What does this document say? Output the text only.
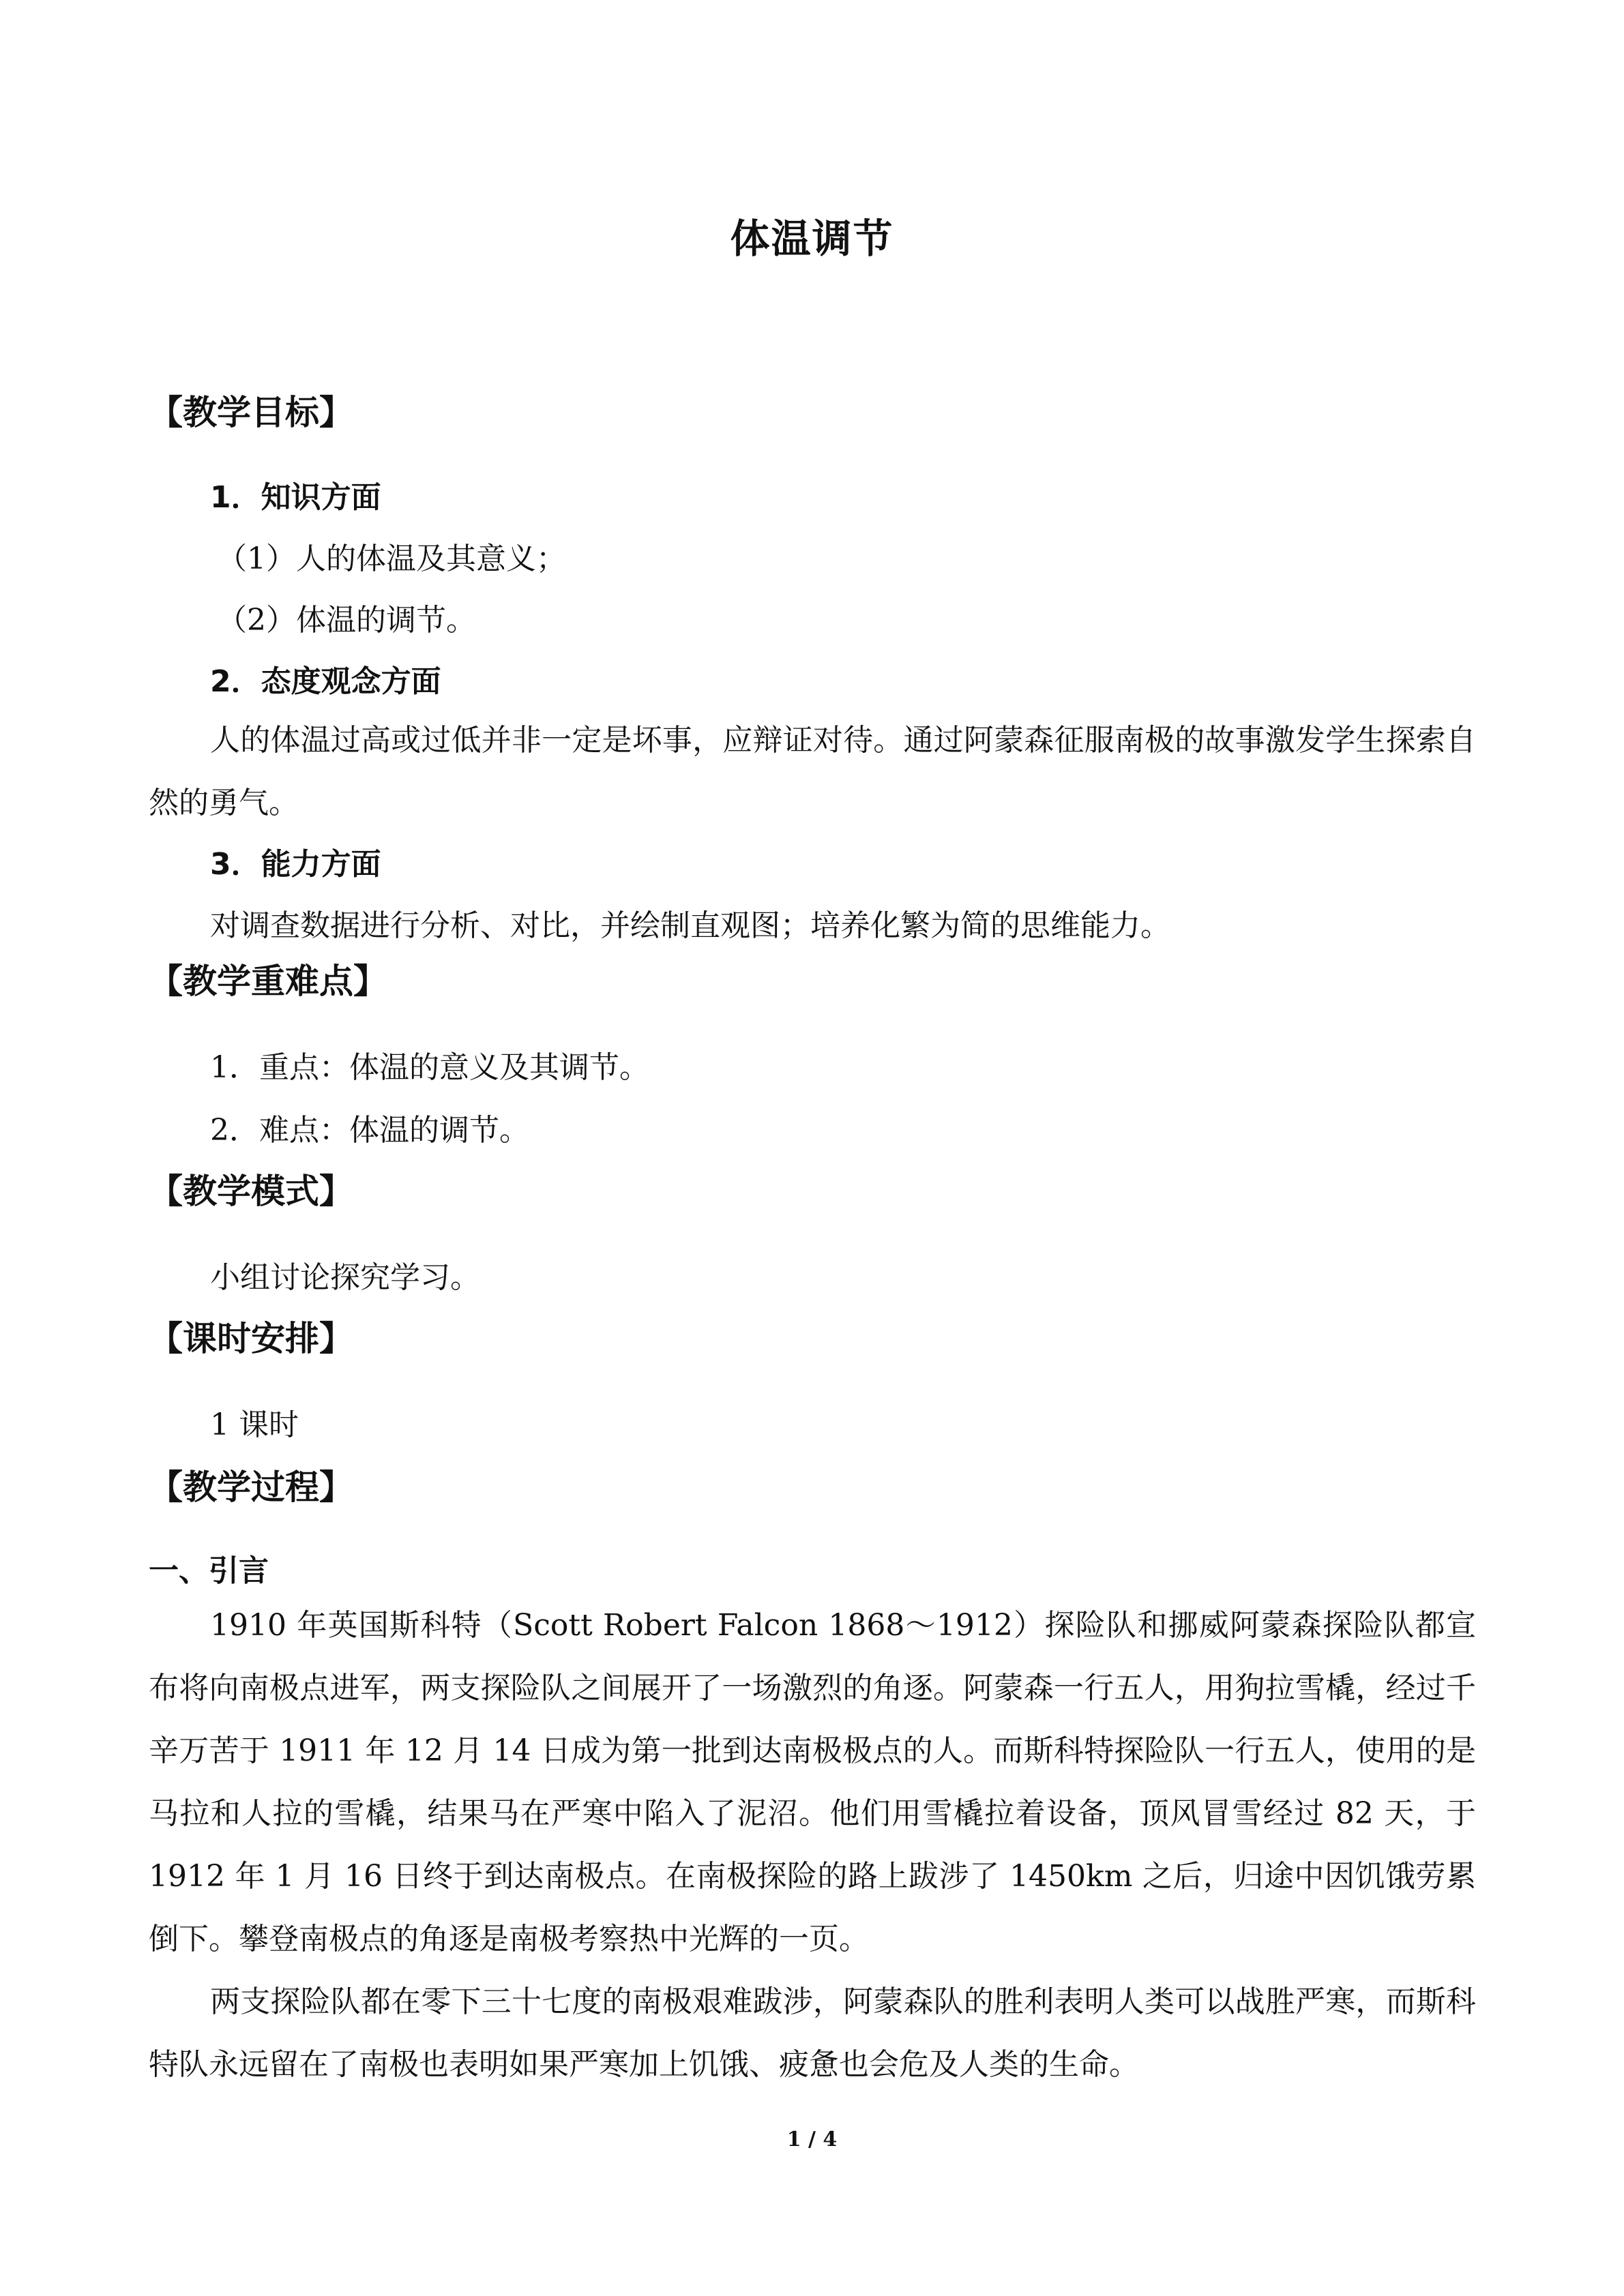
体温调节
【教学目标】
1．知识方面
（1）人的体温及其意义；
（2）体温的调节。
2．态度观念方面
人的体温过高或过低并非一定是坏事，应辩证对待。通过阿蒙森征服南极的故事激发学生探索自然的勇气。
3．能力方面
对调查数据进行分析、对比，并绘制直观图；培养化繁为简的思维能力。
【教学重难点】
1．重点：体温的意义及其调节。
2．难点：体温的调节。
【教学模式】
小组讨论探究学习。
【课时安排】
1 课时
【教学过程】
一、引言
1910 年英国斯科特（Scott Robert Falcon 1868～1912）探险队和挪威阿蒙森探险队都宣布将向南极点进军，两支探险队之间展开了一场激烈的角逐。阿蒙森一行五人，用狗拉雪橇，经过千辛万苦于 1911 年 12 月 14 日成为第一批到达南极极点的人。而斯科特探险队一行五人，使用的是马拉和人拉的雪橇，结果马在严寒中陷入了泥沼。他们用雪橇拉着设备，顶风冒雪经过 82 天，于 1912 年 1 月 16 日终于到达南极点。在南极探险的路上跋涉了 1450km 之后，归途中因饥饿劳累倒下。攀登南极点的角逐是南极考察热中光辉的一页。
两支探险队都在零下三十七度的南极艰难跋涉，阿蒙森队的胜利表明人类可以战胜严寒，而斯科特队永远留在了南极也表明如果严寒加上饥饿、疲惫也会危及人类的生命。
1 / 4
